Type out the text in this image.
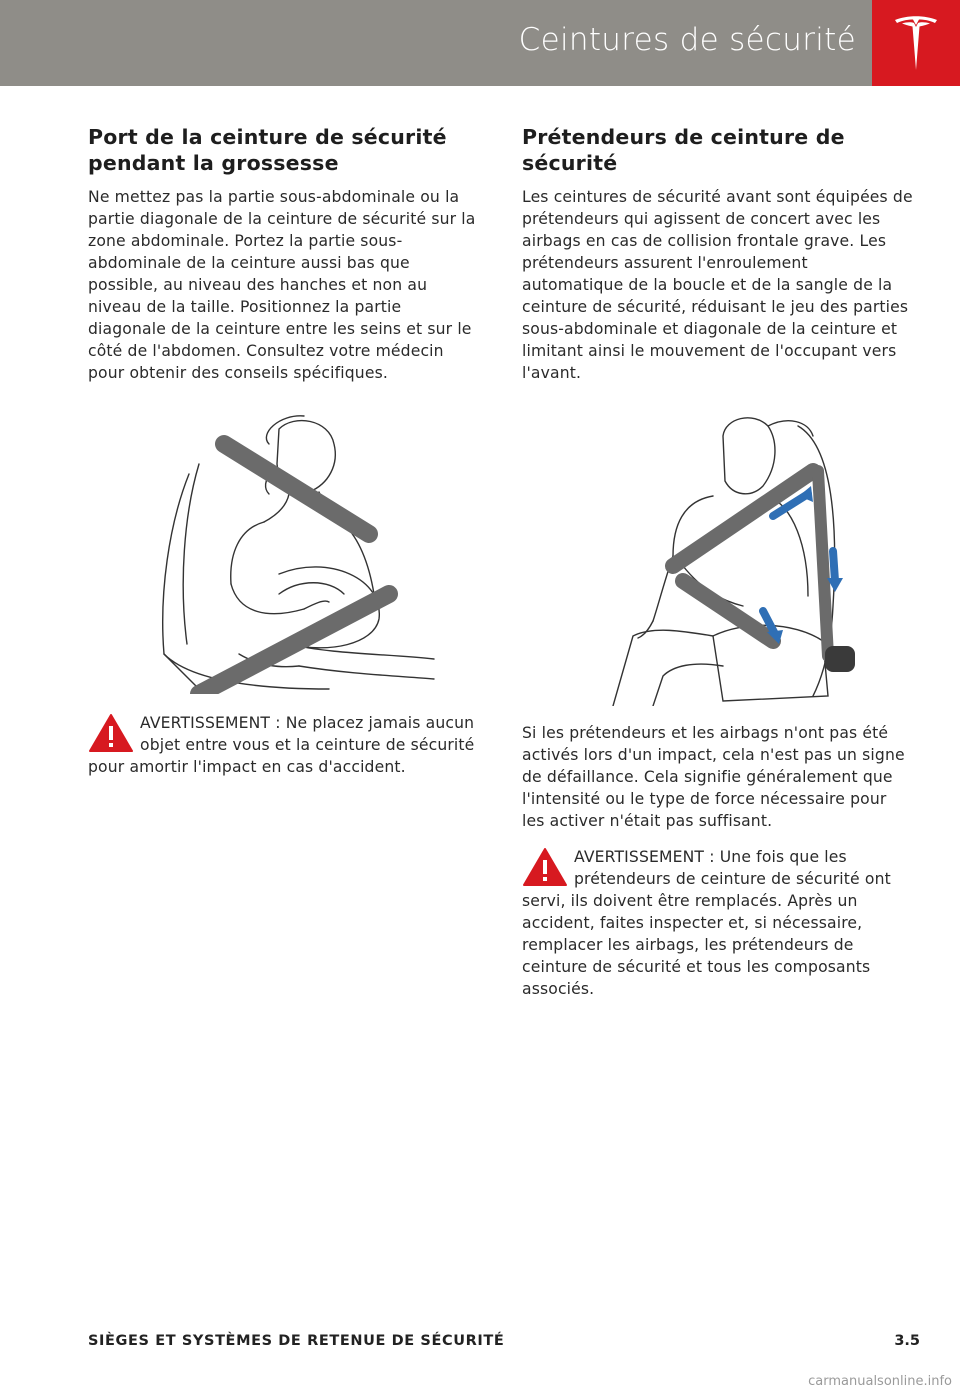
Ceintures de sécurité
Port de la ceinture de sécurité pendant la grossesse

Ne mettez pas la partie sous-abdominale ou la partie diagonale de la ceinture de sécurité sur la zone abdominale. Portez la partie sous-abdominale de la ceinture aussi bas que possible, au niveau des hanches et non au niveau de la taille. Positionnez la partie diagonale de la ceinture entre les seins et sur le côté de l'abdomen. Consultez votre médecin pour obtenir des conseils spécifiques.

AVERTISSEMENT : Ne placez jamais aucun objet entre vous et la ceinture de sécurité pour amortir l'impact en cas d'accident.
Prétendeurs de ceinture de sécurité

Les ceintures de sécurité avant sont équipées de prétendeurs qui agissent de concert avec les airbags en cas de collision frontale grave. Les prétendeurs assurent l'enroulement automatique de la boucle et de la sangle de la ceinture de sécurité, réduisant le jeu des parties sous-abdominale et diagonale de la ceinture et limitant ainsi le mouvement de l'occupant vers l'avant.

Si les prétendeurs et les airbags n'ont pas été activés lors d'un impact, cela n'est pas un signe de défaillance. Cela signifie généralement que l'intensité ou le type de force nécessaire pour les activer n'était pas suffisant.

AVERTISSEMENT : Une fois que les prétendeurs de ceinture de sécurité ont servi, ils doivent être remplacés. Après un accident, faites inspecter et, si nécessaire, remplacer les airbags, les prétendeurs de ceinture de sécurité et tous les composants associés.
SIÈGES ET SYSTÈMES DE RETENUE DE SÉCURITÉ	3.5
carmanualsonline.info
